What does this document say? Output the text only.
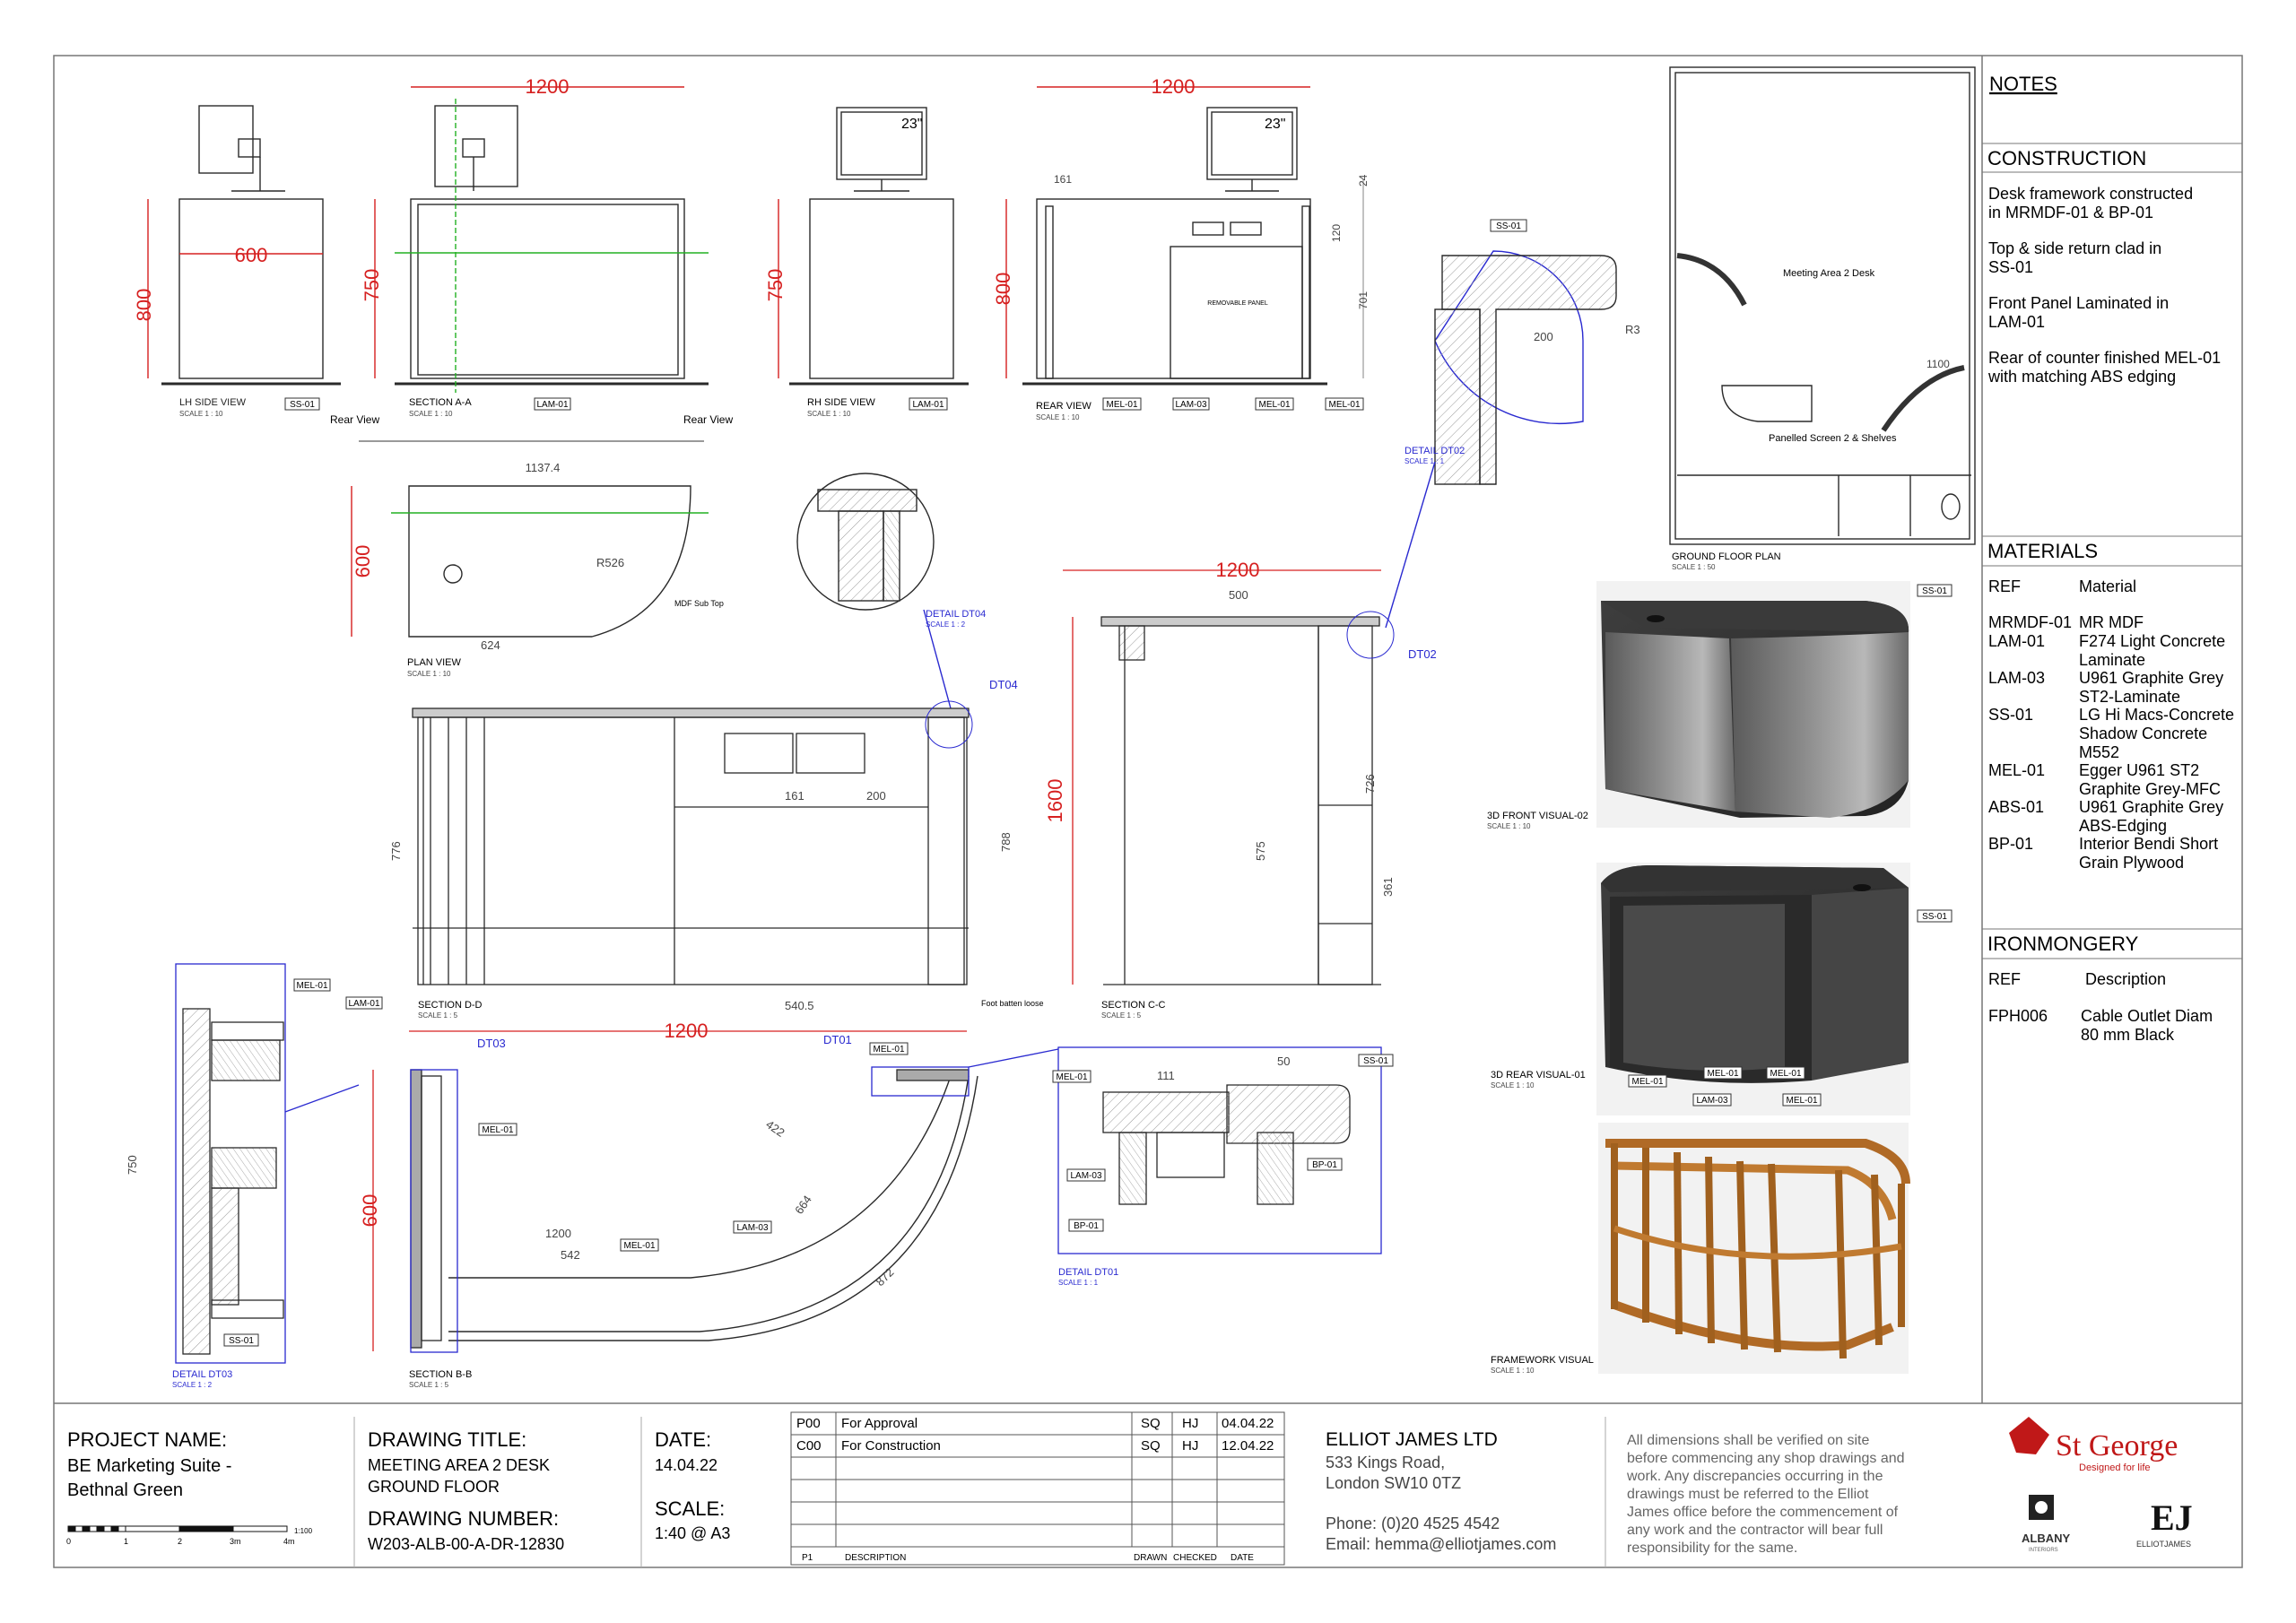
800
600
LH SIDE VIEW
SCALE 1 : 10
SS-01
1200
750
SECTION A-A
SCALE 1 : 10
LAM-01
23"
750
RH SIDE VIEW
SCALE 1 : 10
LAM-01
23"
1200
800
161	24
120
701
REMOVABLE PANEL
REAR VIEW
SCALE 1 : 10
MEL-01	LAM-03	MEL-01	MEL-01
Rear View	Rear View
600
1137.4
R526
624
MDF Sub Top
PLAN VIEW
SCALE 1 : 10
DETAIL DT04
SCALE 1 : 2
SS-01
R3
200
DETAIL DT02
SCALE 1 : 1
Meeting Area 2 Desk
Panelled Screen 2 & Shelves
1100
GROUND FLOOR PLAN
SCALE 1 : 50
161	200
540.5
776	788
Foot batten loose
LAM-01	SECTION D-D
SCALE 1 : 5
DT04
DT02
1200
1600
500
575
726
361
SECTION C-C
SCALE 1 : 5
MEL-01
SS-01
750
DETAIL DT03
SCALE 1 : 2
1200
600
422
664
872
1200
542
DT03	DT01
MEL-01
MEL-01
LAM-03
MEL-01
SECTION B-B
SCALE 1 : 5
MEL-01
SS-01
LAM-03
BP-01
BP-01
111
50
DETAIL DT01
SCALE 1 : 1
SS-01
3D FRONT VISUAL-02
SCALE 1 : 10
SS-01
MEL-01
MEL-01	MEL-01
LAM-03	MEL-01
3D REAR VISUAL-01
SCALE 1 : 10
FRAMEWORK VISUAL
SCALE 1 : 10
NOTES
CONSTRUCTION
Desk framework constructed
in MRMDF-01 & BP-01
Top & side return clad in
SS-01
Front Panel Laminated in
LAM-01
Rear of counter finished MEL-01
with matching ABS edging
MATERIALS
REF	Material
MRMDF-01 MR MDF
LAM-01 F274 Light Concrete
Laminate
LAM-03 U961 Graphite Grey
ST2-Laminate
SS-01	LG Hi Macs-Concrete
Shadow Concrete
M552
MEL-01 Egger U961 ST2
Graphite Grey-MFC
ABS-01 U961 Graphite Grey
ABS-Edging
BP-01	Interior Bendi Short
Grain Plywood
IRONMONGERY
REF	Description
FPH006 Cable Outlet Diam
80 mm Black
PROJECT NAME:
BE Marketing Suite -
Bethnal Green
0	1	2	3m	4m
1:100
DRAWING TITLE:
MEETING AREA 2 DESK
GROUND FLOOR
DRAWING NUMBER:
W203-ALB-00-A-DR-12830
DATE:
14.04.22
SCALE:
1:40 @ A3
P00 For Approval	SQ HJ 04.04.22
C00 For Construction	SQ HJ 12.04.22
P1	DESCRIPTION	DRAWN CHECKED DATE
ELLIOT JAMES LTD
533 Kings Road,
London SW10 0TZ
Phone: (0)20 4525 4542
Email: hemma@elliotjames.com
All dimensions shall be verified on site
before commencing any shop drawings and
work. Any discrepancies occurring in the
drawings must be referred to the Elliot
James office before the commencement of
any work and the contractor will bear full
responsibility for the same.
St George
Designed for life
ALBANY
INTERIORS
EJ
ELLIOTJAMES
